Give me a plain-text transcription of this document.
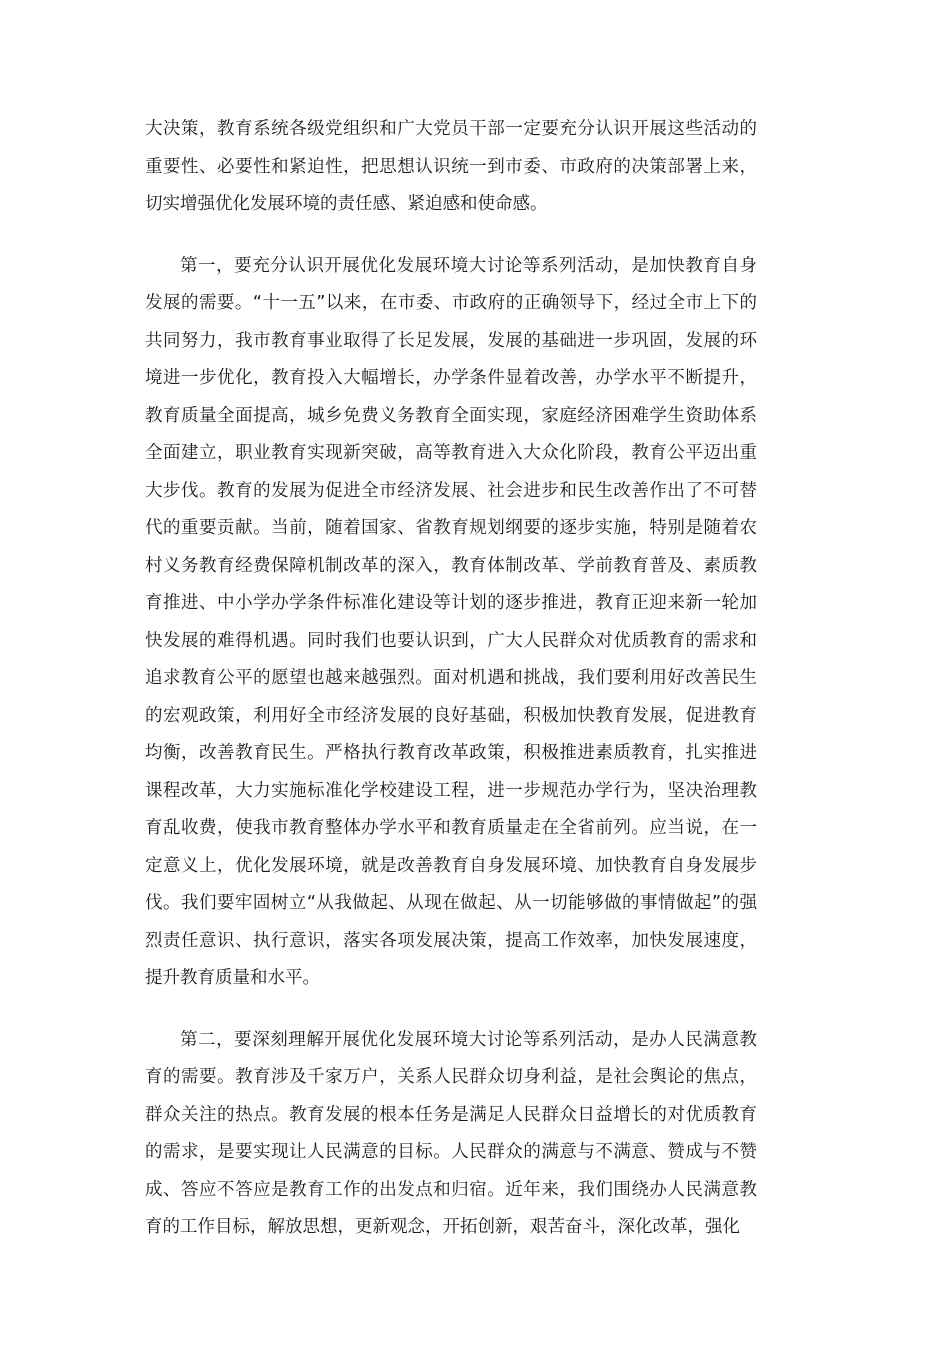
大决策，教育系统各级党组织和广大党员干部一定要充分认识开展这些活动的重要性、必要性和紧迫性，把思想认识统一到市委、市政府的决策部署上来，切实增强优化发展环境的责任感、紧迫感和使命感。

第一，要充分认识开展优化发展环境大讨论等系列活动，是加快教育自身发展的需要。“十一五”以来，在市委、市政府的正确领导下，经过全市上下的共同努力，我市教育事业取得了长足发展，发展的基础进一步巩固，发展的环境进一步优化，教育投入大幅增长，办学条件显着改善，办学水平不断提升，教育质量全面提高，城乡免费义务教育全面实现，家庭经济困难学生资助体系全面建立，职业教育实现新突破，高等教育进入大众化阶段，教育公平迈出重大步伐。教育的发展为促进全市经济发展、社会进步和民生改善作出了不可替代的重要贡献。当前，随着国家、省教育规划纲要的逐步实施，特别是随着农村义务教育经费保障机制改革的深入，教育体制改革、学前教育普及、素质教育推进、中小学办学条件标准化建设等计划的逐步推进，教育正迎来新一轮加快发展的难得机遇。同时我们也要认识到，广大人民群众对优质教育的需求和追求教育公平的愿望也越来越强烈。面对机遇和挑战，我们要利用好改善民生的宏观政策，利用好全市经济发展的良好基础，积极加快教育发展，促进教育均衡，改善教育民生。严格执行教育改革政策，积极推进素质教育，扎实推进课程改革，大力实施标准化学校建设工程，进一步规范办学行为，坚决治理教育乱收费，使我市教育整体办学水平和教育质量走在全省前列。应当说，在一定意义上，优化发展环境，就是改善教育自身发展环境、加快教育自身发展步伐。我们要牢固树立“从我做起、从现在做起、从一切能够做的事情做起”的强烈责任意识、执行意识，落实各项发展决策，提高工作效率，加快发展速度，提升教育质量和水平。

第二，要深刻理解开展优化发展环境大讨论等系列活动，是办人民满意教育的需要。教育涉及千家万户，关系人民群众切身利益，是社会舆论的焦点，群众关注的热点。教育发展的根本任务是满足人民群众日益增长的对优质教育的需求，是要实现让人民满意的目标。人民群众的满意与不满意、赞成与不赞成、答应不答应是教育工作的出发点和归宿。近年来，我们围绕办人民满意教育的工作目标，解放思想，更新观念，开拓创新，艰苦奋斗，深化改革，强化
